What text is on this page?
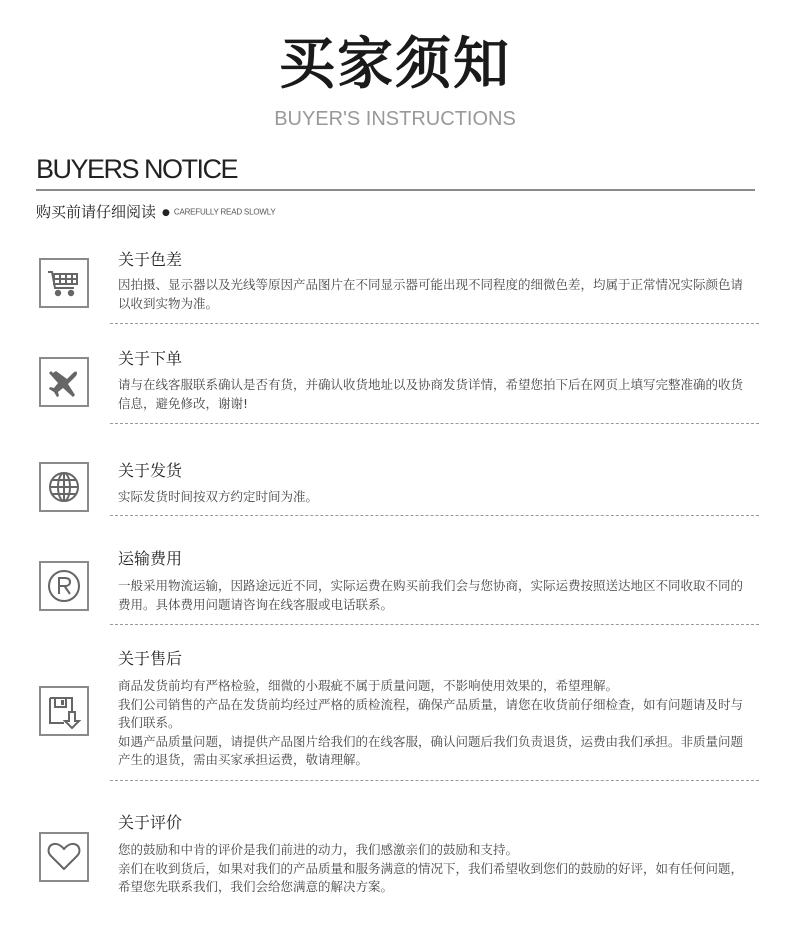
买家须知
BUYER'S INSTRUCTIONS
BUYERS NOTICE
购买前请仔细阅读 ● CAREFULLY READ SLOWLY
关于色差

因拍摄、显示器以及光线等原因产品图片在不同显示器可能出现不同程度的细微色差，均属于正常情况实际颜色请以收到实物为准。

关于下单

请与在线客服联系确认是否有货，并确认收货地址以及协商发货详情，希望您拍下后在网页上填写完整准确的收货信息，避免修改，谢谢!

关于发货

实际发货时间按双方约定时间为准。

运输费用

一般采用物流运输，因路途远近不同，实际运费在购买前我们会与您协商，实际运费按照送达地区不同收取不同的费用。具体费用问题请咨询在线客服或电话联系。

关于售后

商品发货前均有严格检验，细微的小瑕疵不属于质量问题，不影响使用效果的，希望理解。

我们公司销售的产品在发货前均经过严格的质检流程，确保产品质量，请您在收货前仔细检查，如有问题请及时与我们联系。

如遇产品质量问题，请提供产品图片给我们的在线客服，确认问题后我们负责退货，运费由我们承担。非质量问题产生的退货，需由买家承担运费，敬请理解。

关于评价

您的鼓励和中肯的评价是我们前进的动力，我们感激亲们的鼓励和支持。

亲们在收到货后，如果对我们的产品质量和服务满意的情况下，我们希望收到您们的鼓励的好评，如有任何问题，希望您先联系我们，我们会给您满意的解决方案。
